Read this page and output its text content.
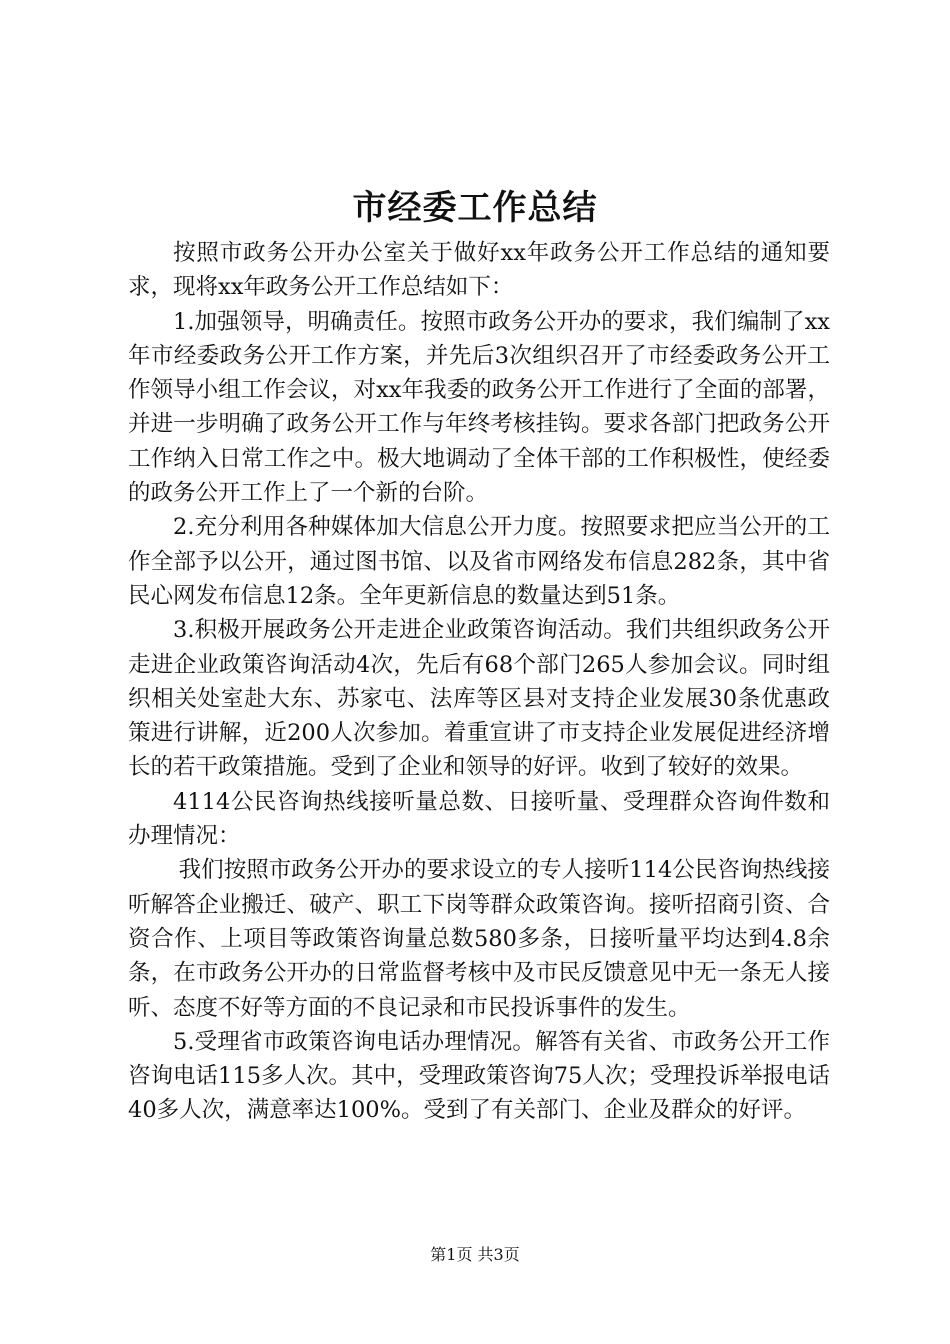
市经委工作总结

按照市政务公开办公室关于做好xx年政务公开工作总结的通知要求，现将xx年政务公开工作总结如下：

1.加强领导，明确责任。按照市政务公开办的要求，我们编制了xx年市经委政务公开工作方案，并先后3次组织召开了市经委政务公开工作领导小组工作会议，对xx年我委的政务公开工作进行了全面的部署，并进一步明确了政务公开工作与年终考核挂钩。要求各部门把政务公开工作纳入日常工作之中。极大地调动了全体干部的工作积极性，使经委的政务公开工作上了一个新的台阶。

2.充分利用各种媒体加大信息公开力度。按照要求把应当公开的工作全部予以公开，通过图书馆、以及省市网络发布信息282条，其中省民心网发布信息12条。全年更新信息的数量达到51条。

3.积极开展政务公开走进企业政策咨询活动。我们共组织政务公开走进企业政策咨询活动4次，先后有68个部门265人参加会议。同时组织相关处室赴大东、苏家屯、法库等区县对支持企业发展30条优惠政策进行讲解，近200人次参加。着重宣讲了市支持企业发展促进经济增长的若干政策措施。受到了企业和领导的好评。收到了较好的效果。

4114公民咨询热线接听量总数、日接听量、受理群众咨询件数和办理情况：

我们按照市政务公开办的要求设立的专人接听114公民咨询热线接听解答企业搬迁、破产、职工下岗等群众政策咨询。接听招商引资、合资合作、上项目等政策咨询量总数580多条，日接听量平均达到4.8余条，在市政务公开办的日常监督考核中及市民反馈意见中无一条无人接听、态度不好等方面的不良记录和市民投诉事件的发生。

5.受理省市政策咨询电话办理情况。解答有关省、市政务公开工作咨询电话115多人次。其中，受理政策咨询75人次；受理投诉举报电话40多人次，满意率达100%。受到了有关部门、企业及群众的好评。

第1页 共3页
